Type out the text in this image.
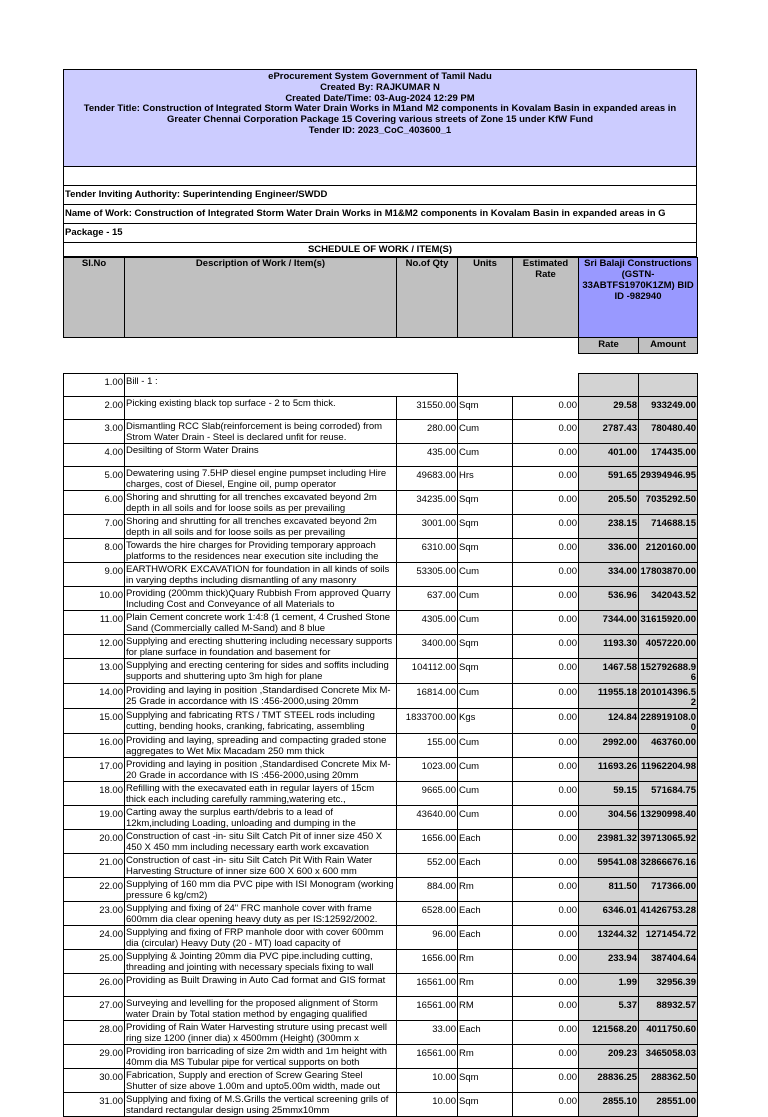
eProcurement System Government of Tamil Nadu
Created By: RAJKUMAR N
Created Date/Time: 03-Aug-2024 12:29 PM
Tender Title: Construction of Integrated Storm Water Drain Works in M1and M2 components in Kovalam Basin in expanded areas in Greater Chennai Corporation Package 15 Covering various streets of Zone 15 under KfW Fund
Tender ID: 2023_CoC_403600_1
Tender Inviting Authority: Superintending Engineer/SWDD
Name of Work: Construction of Integrated Storm Water Drain Works in M1&M2 components in Kovalam Basin in expanded areas in G
Package - 15
SCHEDULE OF WORK / ITEM(S)
Sl.No	Description of Work / Item(s)	No.of Qty	Units	Estimated Rate	Sri Balaji Constructions (GSTN-33ABTFS1970K1ZM) BID ID -982940	
					Rate	Amount
1.00	Bill - 1 :					
2.00	Picking existing black top surface - 2 to 5cm thick.	31550.00	Sqm	0.00	29.58	933249.00

3.00	Dismantling RCC Slab(reinforcement is being corroded) from Strom Water Drain - Steel is declared unfit for reuse.	280.00	Cum	0.00	2787.43	780480.40

4.00	Desilting of Storm Water Drains	435.00	Cum	0.00	401.00	174435.00

5.00	Dewatering using 7.5HP diesel engine pumpset including Hire charges, cost of Diesel, Engine oil, pump operator	49683.00	Hrs	0.00	591.65	29394946.95

6.00	Shoring and shrutting for all trenches excavated beyond 2m depth in all soils and for loose soils as per prevailing	34235.00	Sqm	0.00	205.50	7035292.50

7.00	Shoring and shrutting for all trenches excavated beyond 2m depth in all soils and for loose soils as per prevailing	3001.00	Sqm	0.00	238.15	714688.15

8.00	Towards the hire charges for Providing temporary approach platforms to the residences near execution site including the	6310.00	Sqm	0.00	336.00	2120160.00

9.00	EARTHWORK EXCAVATION for foundation in all kinds of soils in varying depths including dismantling of any masonry	53305.00	Cum	0.00	334.00	17803870.00

10.00	Providing (200mm thick)Quary Rubbish From approved Quarry Including Cost and Conveyance of all Materials to	637.00	Cum	0.00	536.96	342043.52

11.00	Plain Cement concrete work 1:4:8 (1 cement, 4 Crushed Stone Sand (Commercially called M-Sand) and 8 blue	4305.00	Cum	0.00	7344.00	31615920.00

12.00	Supplying and erecting shuttering including necessary supports for plane surface in foundation and basement for	3400.00	Sqm	0.00	1193.30	4057220.00

13.00	Supplying and erecting centering for sides and soffits including supports and shuttering upto 3m high for plane	104112.00	Sqm	0.00	1467.58	152792688.96

14.00	Providing and laying in position ,Standardised Concrete Mix M-25 Grade in accordance with IS :456-2000,using 20mm	16814.00	Cum	0.00	11955.18	201014396.52

15.00	Supplying and fabricating RTS / TMT STEEL rods including cutting, bending hooks, cranking, fabricating, assembling	1833700.00	Kgs	0.00	124.84	228919108.00

16.00	Providing and laying, spreading and compacting graded stone aggregates to Wet Mix Macadam 250 mm thick	155.00	Cum	0.00	2992.00	463760.00

17.00	Providing and laying in position ,Standardised Concrete Mix M-20 Grade in accordance with IS :456-2000,using 20mm	1023.00	Cum	0.00	11693.26	11962204.98

18.00	Refilling with the execavated eath in regular layers of 15cm thick each including carefully ramming,watering etc.,	9665.00	Cum	0.00	59.15	571684.75

19.00	Carting away the surplus earth/debris to a lead of 12km,including Loading, unloading and dumping in the	43640.00	Cum	0.00	304.56	13290998.40

20.00	Construction of cast -in- situ Silt Catch Pit of inner size 450 X 450 X 450 mm including necessary earth work excavation	1656.00	Each	0.00	23981.32	39713065.92

21.00	Construction of cast -in- situ Silt Catch Pit With Rain Water Harvesting Structure of inner size 600 X 600 x 600 mm	552.00	Each	0.00	59541.08	32866676.16

22.00	Supplying of 160 mm dia PVC pipe with ISI Monogram (working pressure 6 kg/cm2)	884.00	Rm	0.00	811.50	717366.00

23.00	Supplying and fixing of 24" FRC manhole cover with frame 600mm dia clear opening heavy duty as per IS:12592/2002.	6528.00	Each	0.00	6346.01	41426753.28

24.00	Supplying and fixing of FRP manhole door with cover 600mm dia (circular) Heavy Duty (20 - MT) load capacity of	96.00	Each	0.00	13244.32	1271454.72

25.00	Supplying & Jointing 20mm dia PVC pipe.including cutting, threading and jointing with necessary specials fixing to wall	1656.00	Rm	0.00	233.94	387404.64

26.00	Providing as Built Drawing in Auto Cad format and GIS format	16561.00	Rm	0.00	1.99	32956.39

27.00	Surveying and levelling for the proposed alignment of Storm water Drain by Total station method by engaging qualified	16561.00	RM	0.00	5.37	88932.57

28.00	Providing of Rain Water Harvesting struture using precast well ring size 1200 (inner dia) x 4500mm (Height) (300mm x	33.00	Each	0.00	121568.20	4011750.60

29.00	Providing iron barricading of size 2m width and 1m height with 40mm dia MS Tubular pipe for vertical supports on both	16561.00	Rm	0.00	209.23	3465058.03

30.00	Fabrication, Supply and erection of Screw Gearing Steel Shutter of size above 1.00m and upto5.00m width, made out	10.00	Sqm	0.00	28836.25	288362.50

31.00	Supplying and fixing of M.S.Grills the vertical screening grils of standard rectangular design using 25mmx10mm	10.00	Sqm	0.00	2855.10	28551.00
